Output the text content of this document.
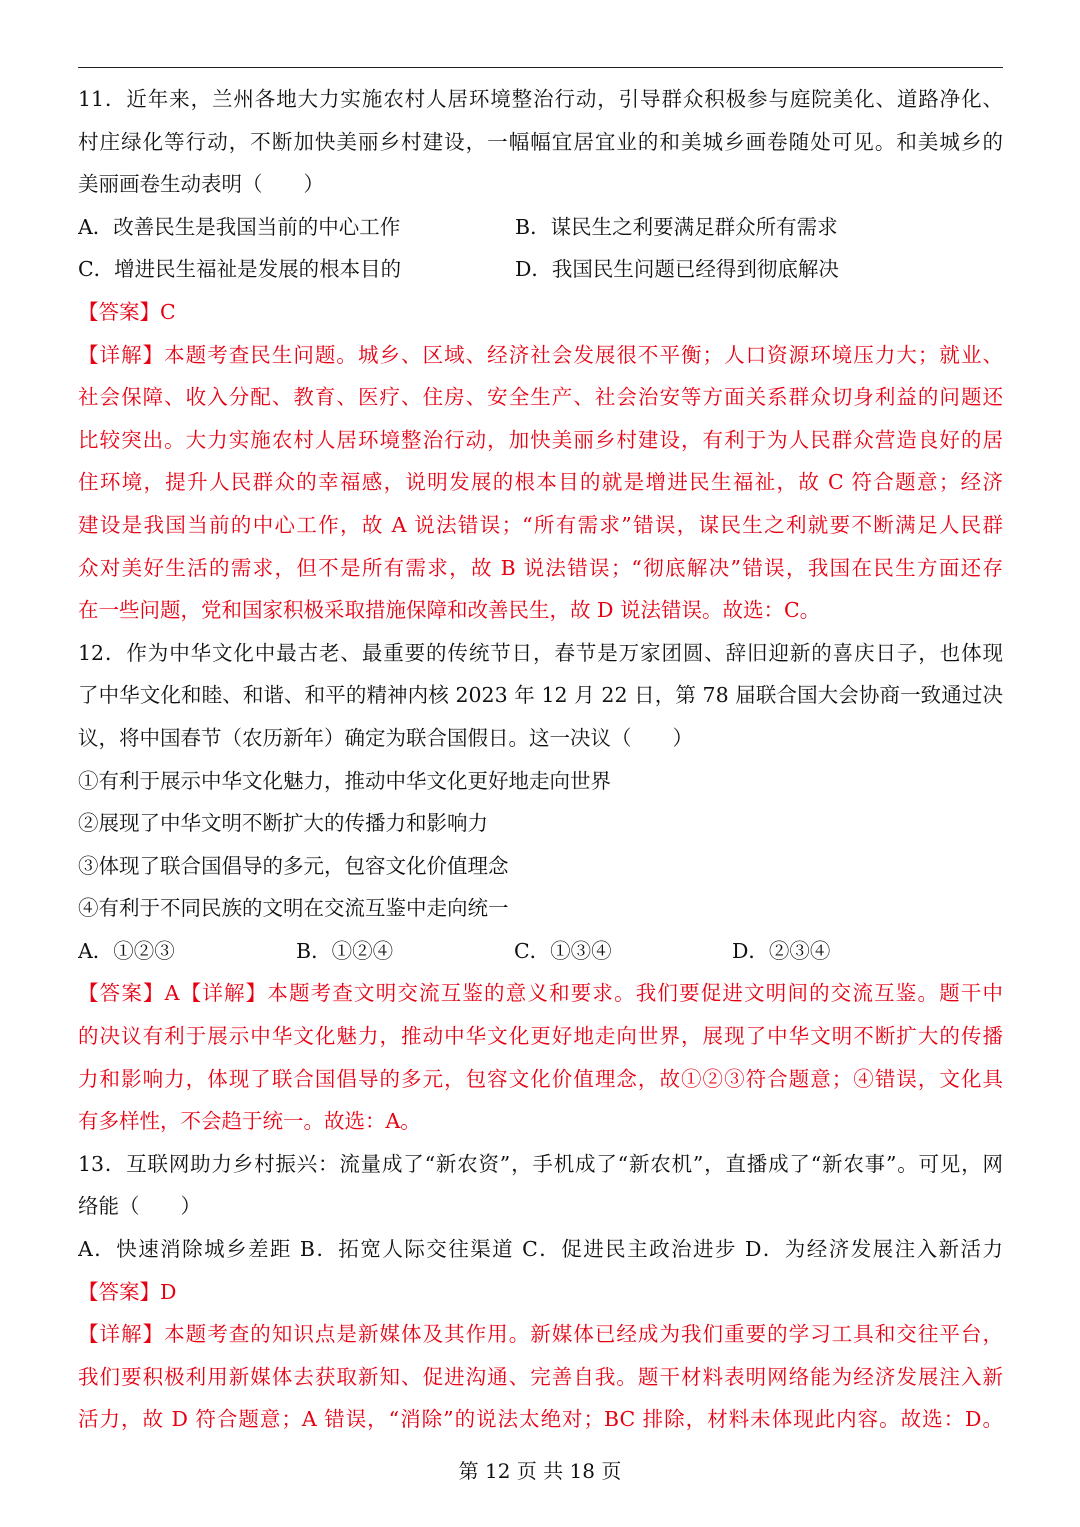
11．近年来，兰州各地大力实施农村人居环境整治行动，引导群众积极参与庭院美化、道路净化、
村庄绿化等行动，不断加快美丽乡村建设，一幅幅宜居宜业的和美城乡画卷随处可见。和美城乡的
美丽画卷生动表明（　　）
A．改善民生是我国当前的中心工作	B．谋民生之利要满足群众所有需求
C．增进民生福祉是发展的根本目的	D．我国民生问题已经得到彻底解决
【答案】C
【详解】本题考查民生问题。城乡、区域、经济社会发展很不平衡；人口资源环境压力大；就业、
社会保障、收入分配、教育、医疗、住房、安全生产、社会治安等方面关系群众切身利益的问题还
比较突出。大力实施农村人居环境整治行动，加快美丽乡村建设，有利于为人民群众营造良好的居
住环境，提升人民群众的幸福感，说明发展的根本目的就是增进民生福祉，故 C 符合题意；经济
建设是我国当前的中心工作，故 A 说法错误；“所有需求”错误，谋民生之利就要不断满足人民群
众对美好生活的需求，但不是所有需求，故 B 说法错误；“彻底解决”错误，我国在民生方面还存
在一些问题，党和国家积极采取措施保障和改善民生，故 D 说法错误。故选：C。
12．作为中华文化中最古老、最重要的传统节日，春节是万家团圆、辞旧迎新的喜庆日子，也体现
了中华文化和睦、和谐、和平的精神内核 2023 年 12 月 22 日，第 78 届联合国大会协商一致通过决
议，将中国春节（农历新年）确定为联合国假日。这一决议（　　）
①有利于展示中华文化魅力，推动中华文化更好地走向世界
②展现了中华文明不断扩大的传播力和影响力
③体现了联合国倡导的多元，包容文化价值理念
④有利于不同民族的文明在交流互鉴中走向统一
A．①②③	B．①②④	C．①③④	D．②③④
【答案】A【详解】本题考查文明交流互鉴的意义和要求。我们要促进文明间的交流互鉴。题干中
的决议有利于展示中华文化魅力，推动中华文化更好地走向世界，展现了中华文明不断扩大的传播
力和影响力，体现了联合国倡导的多元，包容文化价值理念，故①②③符合题意；④错误，文化具
有多样性，不会趋于统一。故选：A。
13．互联网助力乡村振兴：流量成了“新农资”，手机成了“新农机”，直播成了“新农事”。可见，网
络能（　　）
A．快速消除城乡差距 B．拓宽人际交往渠道 C．促进民主政治进步 D．为经济发展注入新活力
【答案】D
【详解】本题考查的知识点是新媒体及其作用。新媒体已经成为我们重要的学习工具和交往平台，
我们要积极利用新媒体去获取新知、促进沟通、完善自我。题干材料表明网络能为经济发展注入新
活力，故 D 符合题意；A 错误，“消除”的说法太绝对；BC 排除，材料未体现此内容。故选：D。
第 12 页 共 18 页
